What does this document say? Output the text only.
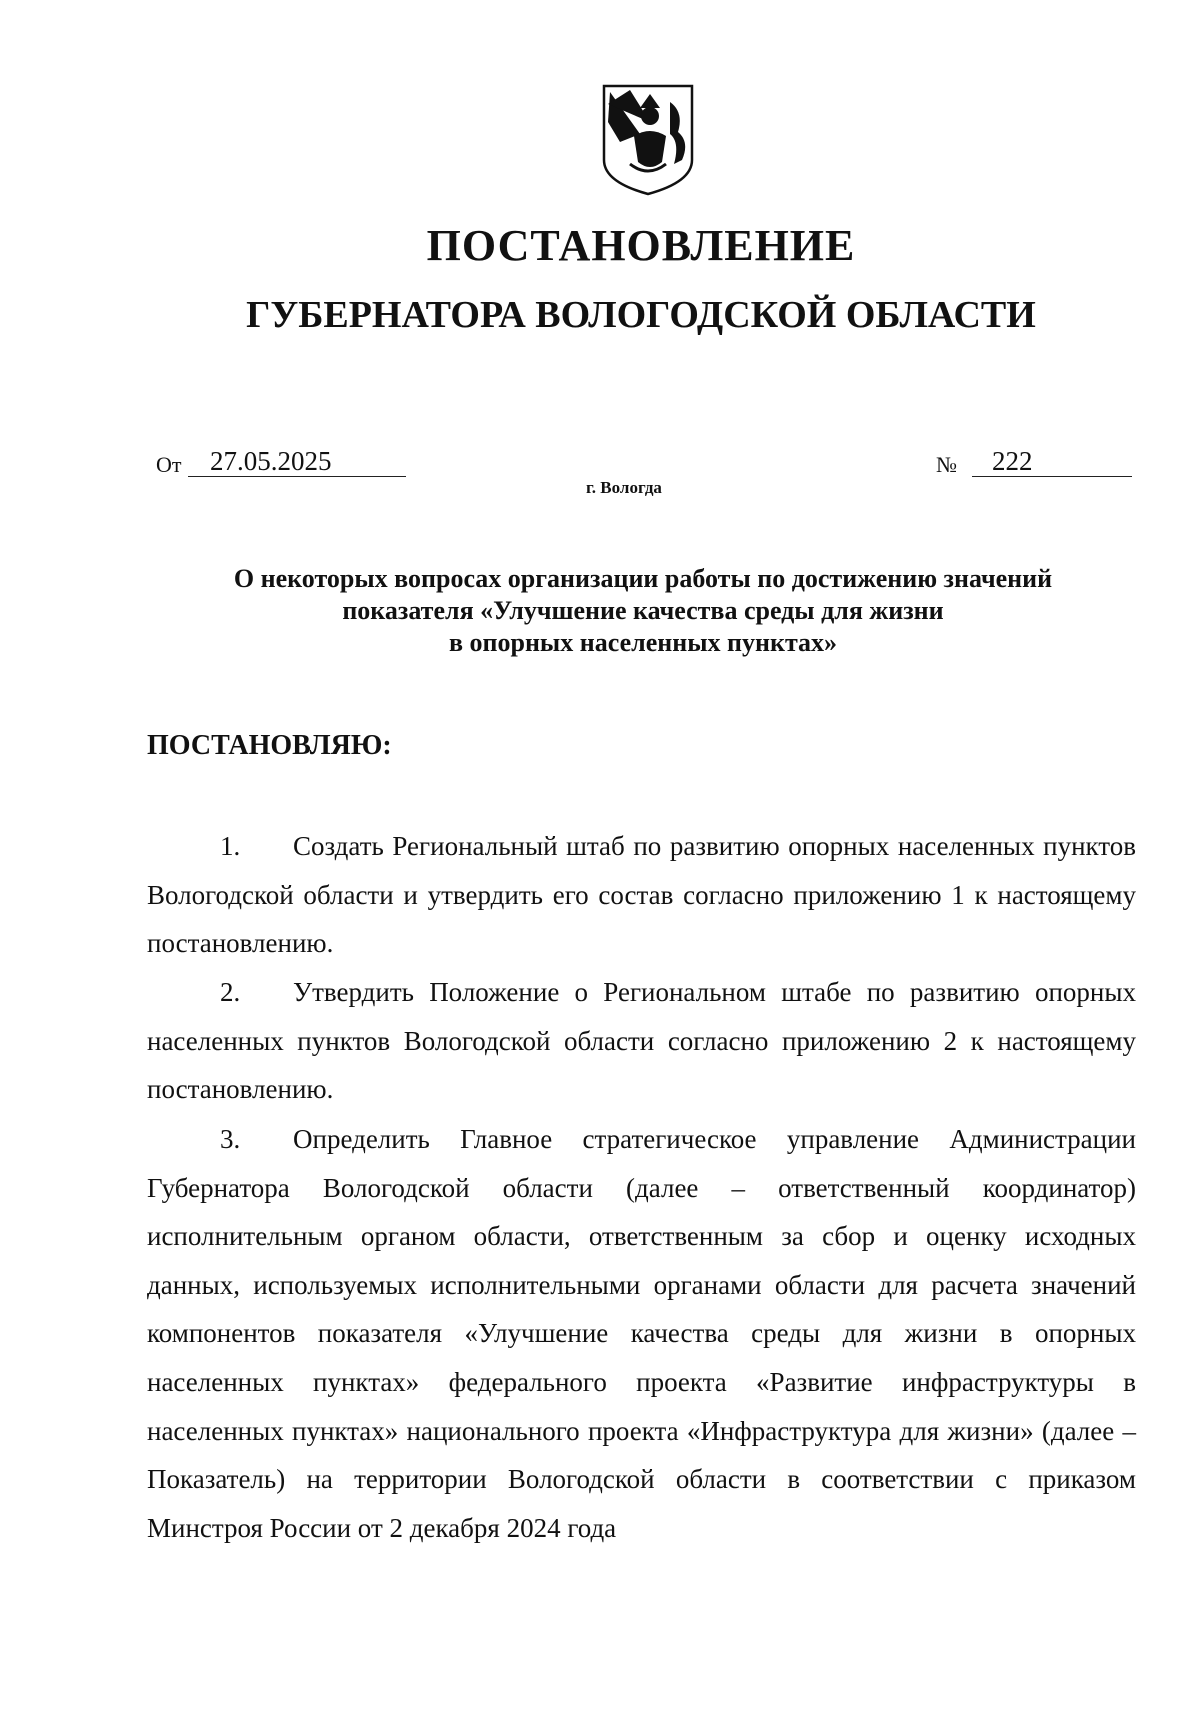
ПОСТАНОВЛЕНИЕ
ГУБЕРНАТОРА ВОЛОГОДСКОЙ ОБЛАСТИ
От	27.05.2025	№	222
г. Вологда
О некоторых вопросах организации работы по достижению значений
показателя «Улучшение качества среды для жизни
в опорных населенных пунктах»
ПОСТАНОВЛЯЮ:
1. Создать Региональный штаб по развитию опорных населенных пунктов Вологодской области и утвердить его состав согласно приложению 1 к настоящему постановлению.
2. Утвердить Положение о Региональном штабе по развитию опорных населенных пунктов Вологодской области согласно приложению 2 к настоящему постановлению.
3. Определить Главное стратегическое управление Администрации Губернатора Вологодской области (далее – ответственный координатор) исполнительным органом области, ответственным за сбор и оценку исходных данных, используемых исполнительными органами области для расчета значений компонентов показателя «Улучшение качества среды для жизни в опорных населенных пунктах» федерального проекта «Развитие инфраструктуры в населенных пунктах» национального проекта «Инфраструктура для жизни» (далее – Показатель) на территории Вологодской области в соответствии с приказом Минстроя России от 2 декабря 2024 года
